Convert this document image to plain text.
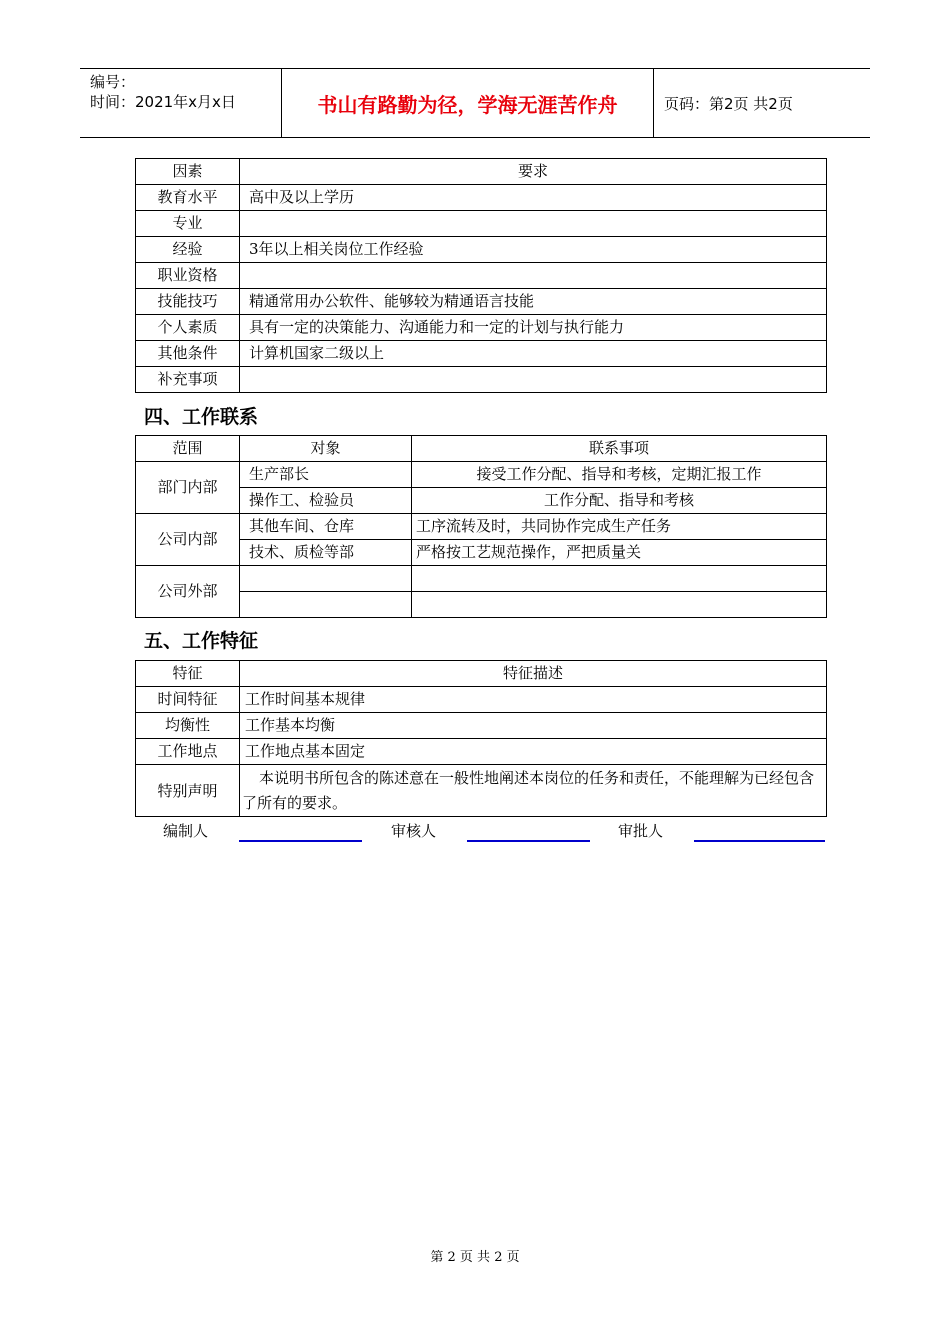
编号：
时间：2021年x月x日	书山有路勤为径，学海无涯苦作舟	页码：第2页 共2页
因素	要求
教育水平	高中及以上学历
专业	
经验	3年以上相关岗位工作经验
职业资格	
技能技巧	精通常用办公软件、能够较为精通语言技能
个人素质	具有一定的决策能力、沟通能力和一定的计划与执行能力
其他条件	计算机国家二级以上
补充事项	
四、工作联系
范围	对象	联系事项
部门内部	生产部长	接受工作分配、指导和考核，定期汇报工作
	操作工、检验员	工作分配、指导和考核
公司内部	其他车间、仓库	工序流转及时，共同协作完成生产任务
	技术、质检等部	严格按工艺规范操作，严把质量关
公司外部		

五、工作特征
特征	特征描述
时间特征	工作时间基本规律
均衡性	工作基本均衡
工作地点	工作地点基本固定
特别声明	本说明书所包含的陈述意在一般性地阐述本岗位的任务和责任，不能理解为已经包含了所有的要求。
编制人	审核人	审批人
第 2 页 共 2 页
